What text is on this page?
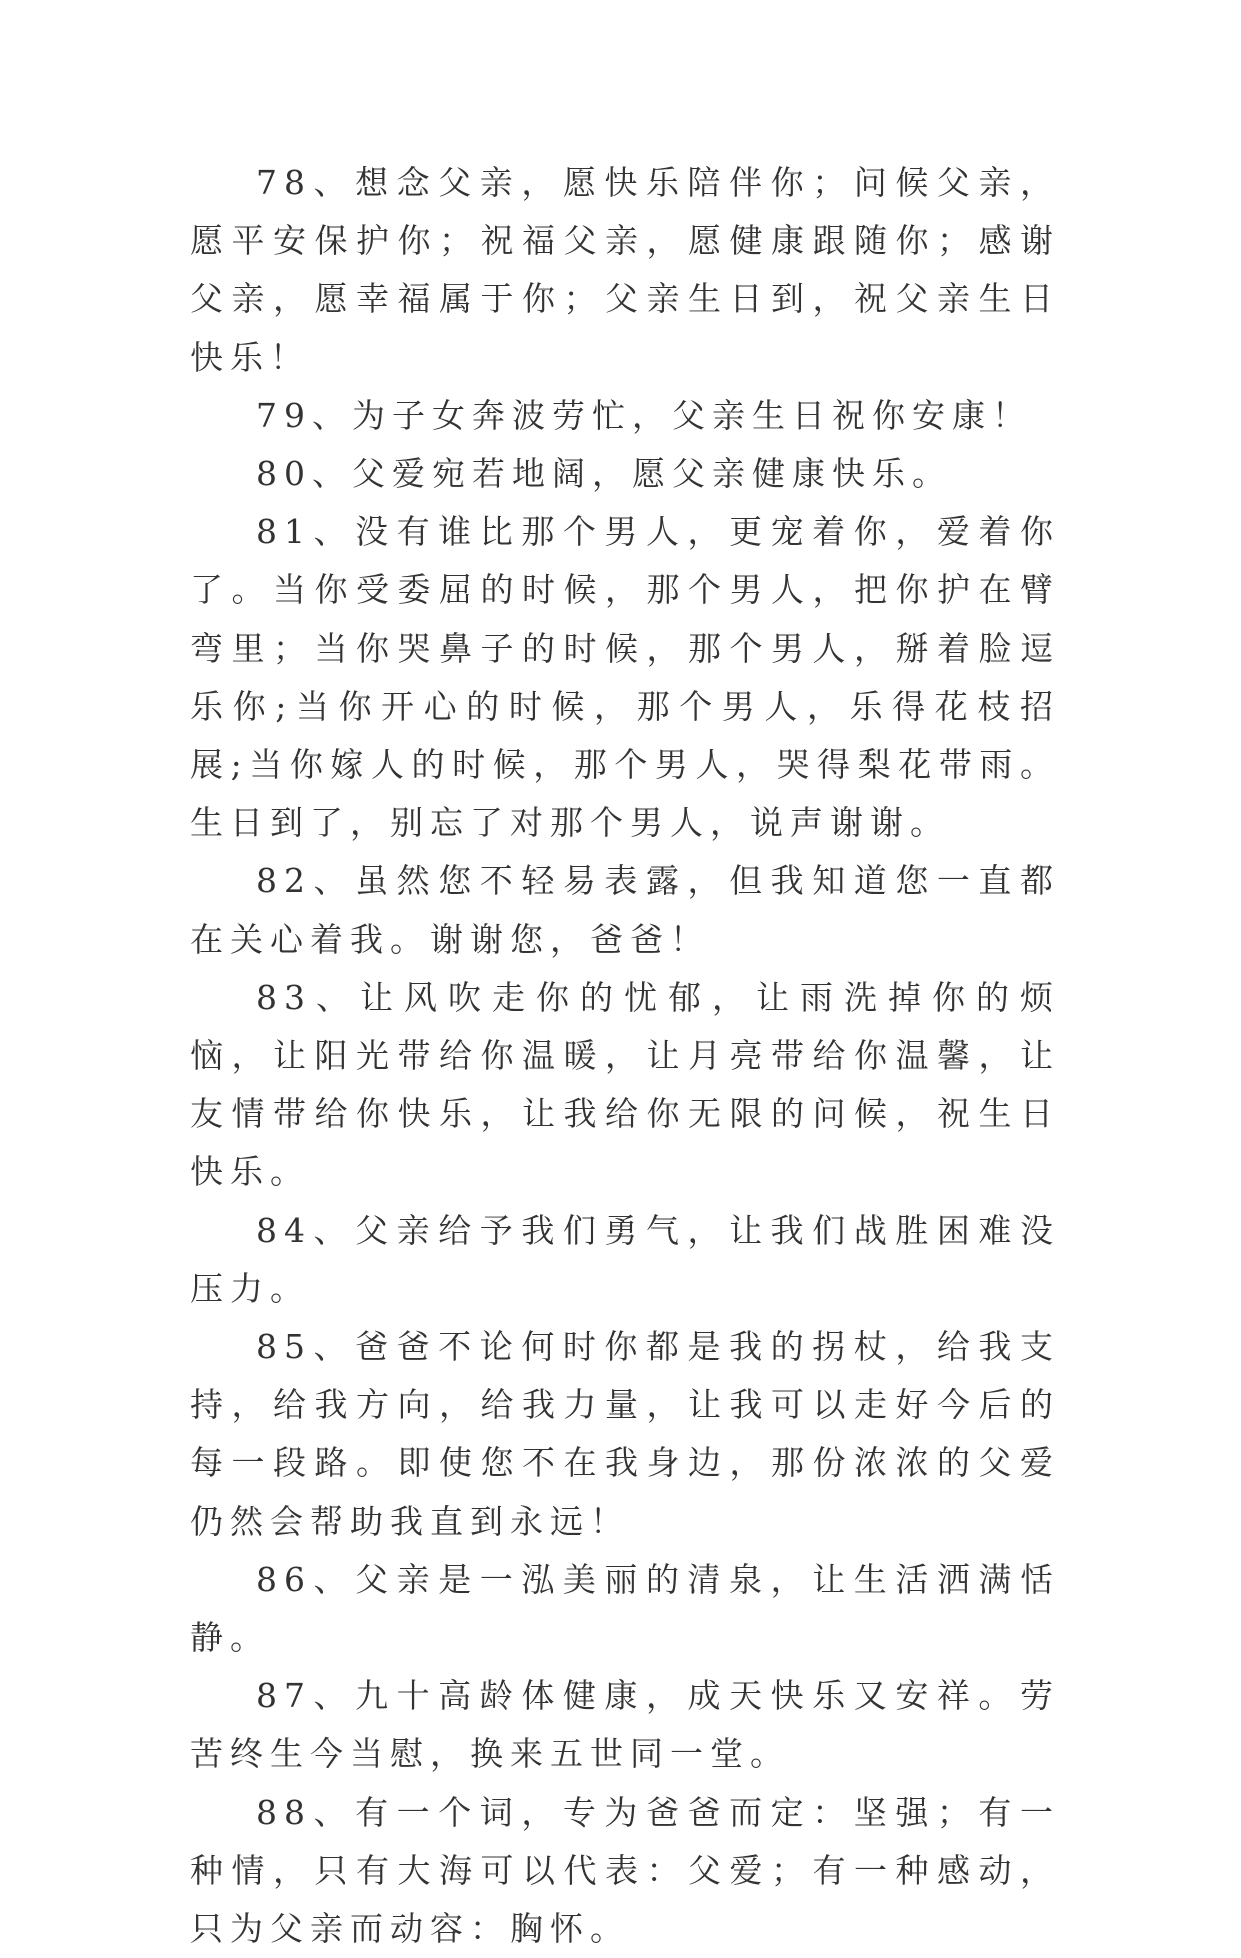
78、想念父亲，愿快乐陪伴你；问候父亲，愿平安保护你；祝福父亲，愿健康跟随你；感谢父亲，愿幸福属于你；父亲生日到，祝父亲生日快乐！

79、为子女奔波劳忙，父亲生日祝你安康！

80、父爱宛若地阔，愿父亲健康快乐。

81、没有谁比那个男人，更宠着你，爱着你了。当你受委屈的时候，那个男人，把你护在臂弯里；当你哭鼻子的时候，那个男人，掰着脸逗乐你;当你开心的时候，那个男人，乐得花枝招展;当你嫁人的时候，那个男人，哭得梨花带雨。生日到了，别忘了对那个男人，说声谢谢。

82、虽然您不轻易表露，但我知道您一直都在关心着我。谢谢您，爸爸！

83、让风吹走你的忧郁，让雨洗掉你的烦恼，让阳光带给你温暖，让月亮带给你温馨，让友情带给你快乐，让我给你无限的问候，祝生日快乐。

84、父亲给予我们勇气，让我们战胜困难没压力。

85、爸爸不论何时你都是我的拐杖，给我支持，给我方向，给我力量，让我可以走好今后的每一段路。即使您不在我身边，那份浓浓的父爱仍然会帮助我直到永远！

86、父亲是一泓美丽的清泉，让生活洒满恬静。

87、九十高龄体健康，成天快乐又安祥。劳苦终生今当慰，换来五世同一堂。

88、有一个词，专为爸爸而定：坚强；有一种情，只有大海可以代表：父爱；有一种感动，只为父亲而动容：胸怀。
